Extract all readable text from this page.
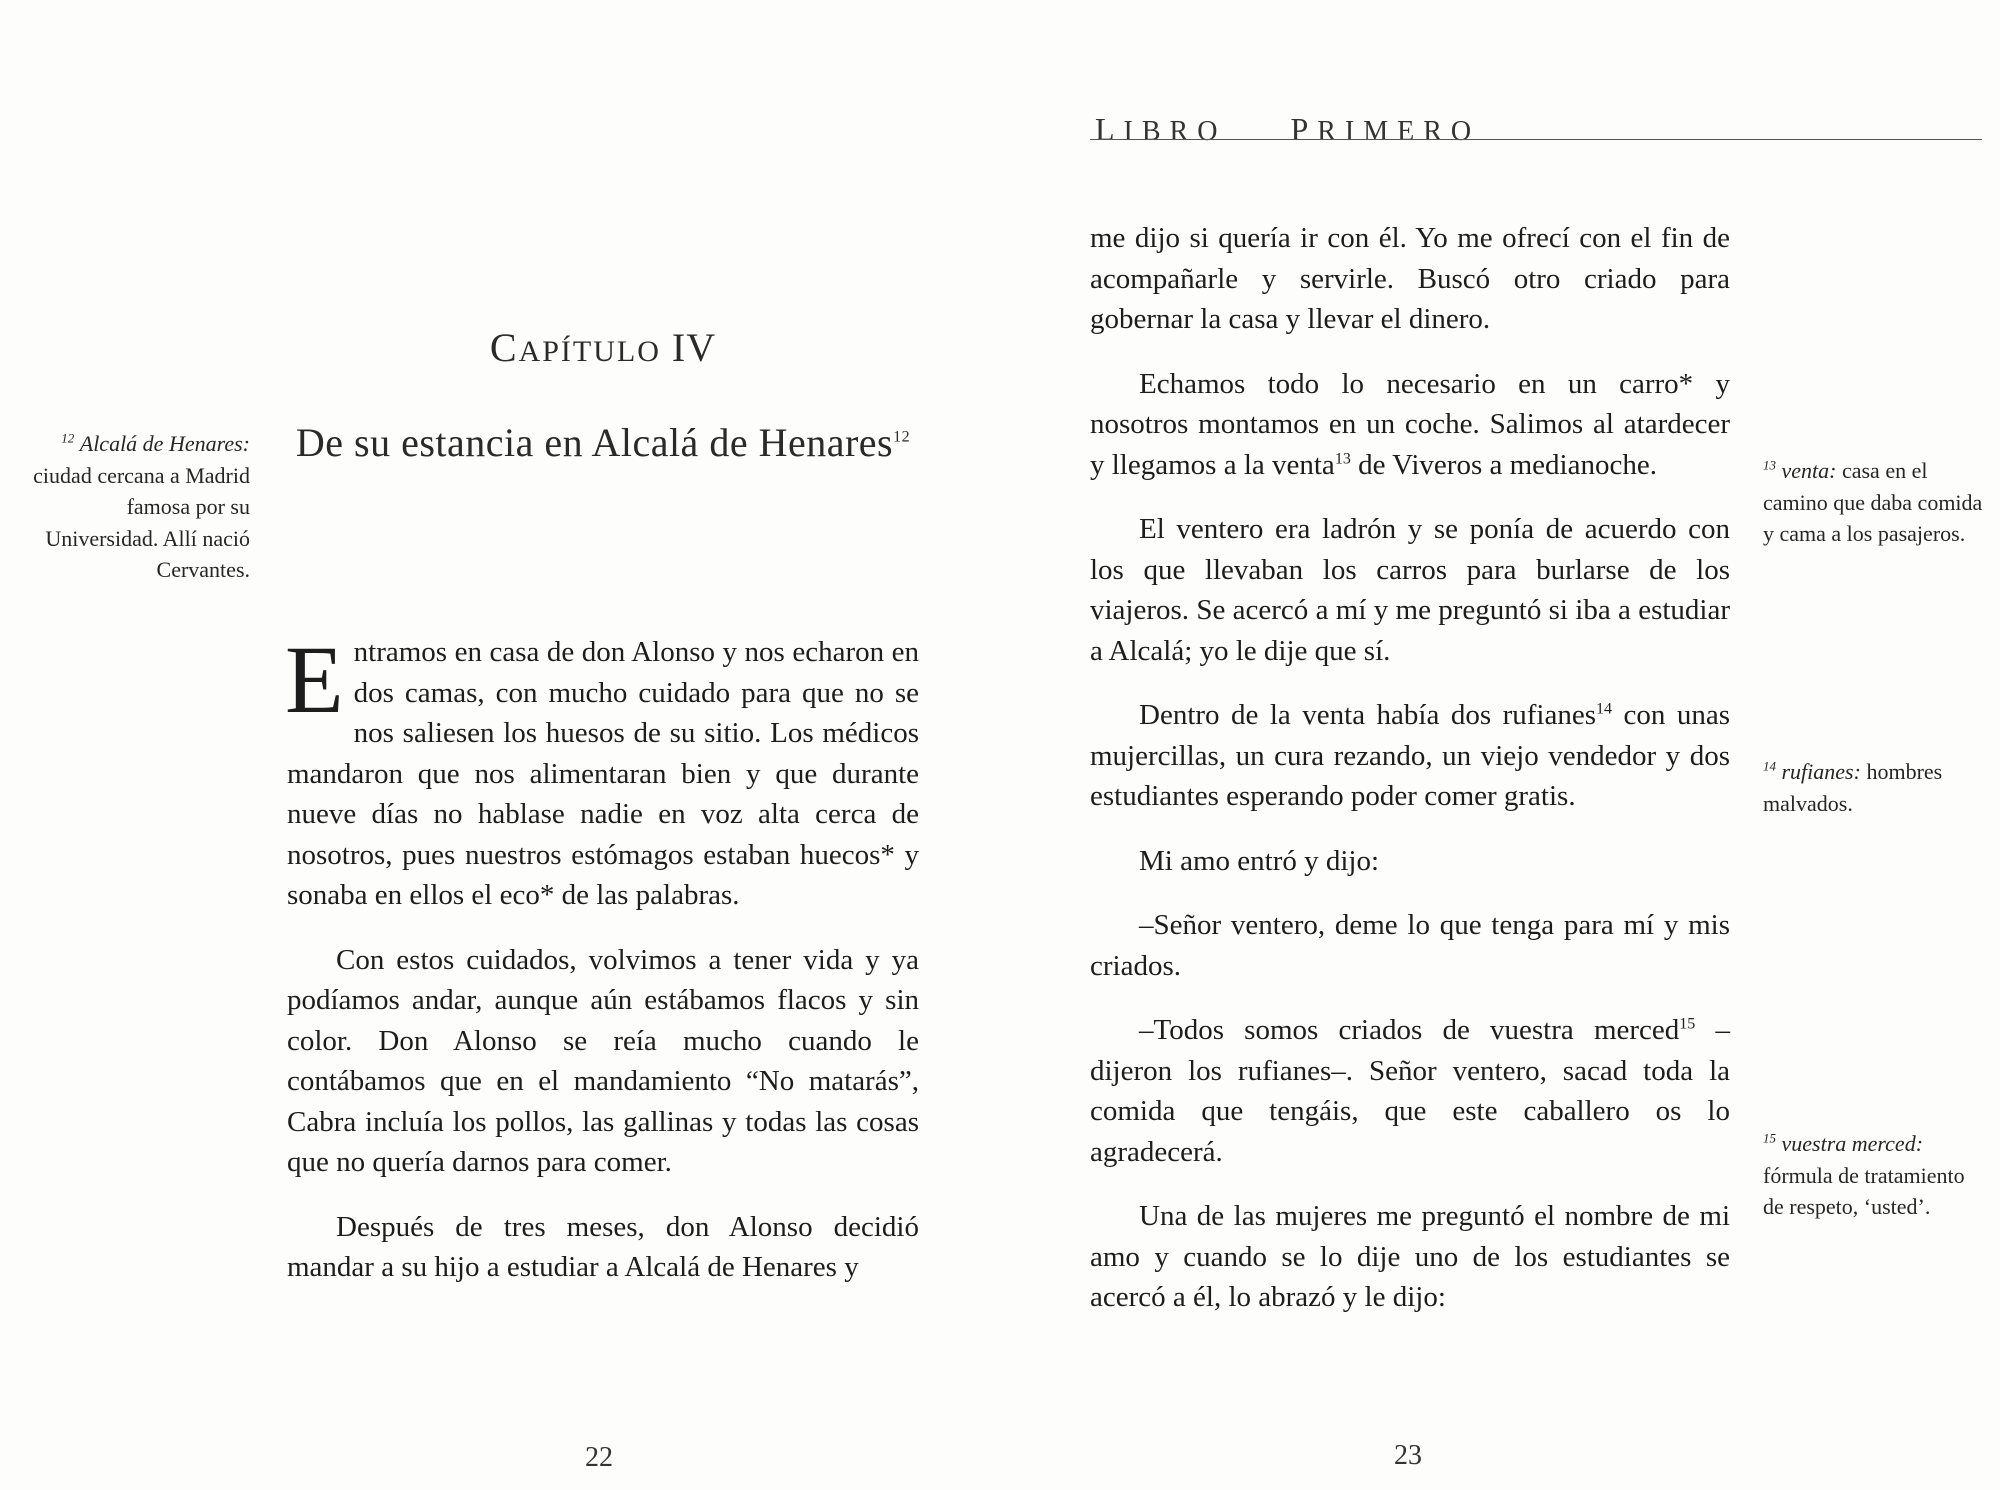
LIBRO PRIMERO
CAPÍTULO IV
De su estancia en Alcalá de Henares$^{12}$
$^{12}$ Alcalá de Henares: ciudad cercana a Madrid famosa por su Universidad. Allí nació Cervantes.

Entramos en casa de don Alonso y nos echaron en dos camas, con mucho cuidado para que no se nos saliesen los huesos de su sitio. Los médicos mandaron que nos alimentaran bien y que durante nueve días no hablase nadie en voz alta cerca de nosotros, pues nuestros estómagos estaban huecos* y sonaba en ellos el eco* de las palabras.

Con estos cuidados, volvimos a tener vida y ya podíamos andar, aunque aún estábamos flacos y sin color. Don Alonso se reía mucho cuando le contábamos que en el mandamiento “No matarás”, Cabra incluía los pollos, las gallinas y todas las cosas que no quería darnos para comer.

Después de tres meses, don Alonso decidió mandar a su hijo a estudiar a Alcalá de Henares y

me dijo si quería ir con él. Yo me ofrecí con el fin de acompañarle y servirle. Buscó otro criado para gobernar la casa y llevar el dinero.

Echamos todo lo necesario en un carro* y nosotros montamos en un coche. Salimos al atardecer y llegamos a la venta$^{13}$ de Viveros a medianoche.

El ventero era ladrón y se ponía de acuerdo con los que llevaban los carros para burlarse de los viajeros. Se acercó a mí y me preguntó si iba a estudiar a Alcalá; yo le dije que sí.

Dentro de la venta había dos rufianes$^{14}$ con unas mujercillas, un cura rezando, un viejo vendedor y dos estudiantes esperando poder comer gratis.

Mi amo entró y dijo:

–Señor ventero, deme lo que tenga para mí y mis criados.

–Todos somos criados de vuestra merced$^{15}$ –dijeron los rufianes–. Señor ventero, sacad toda la comida que tengáis, que este caballero os lo agradecerá.

Una de las mujeres me preguntó el nombre de mi amo y cuando se lo dije uno de los estudiantes se acercó a él, lo abrazó y le dijo:

$^{13}$ venta: casa en el camino que daba comida y cama a los pasajeros.
$^{14}$ rufianes: hombres malvados.
$^{15}$ vuestra merced: fórmula de tratamiento de respeto, ‘usted’.
22	23
